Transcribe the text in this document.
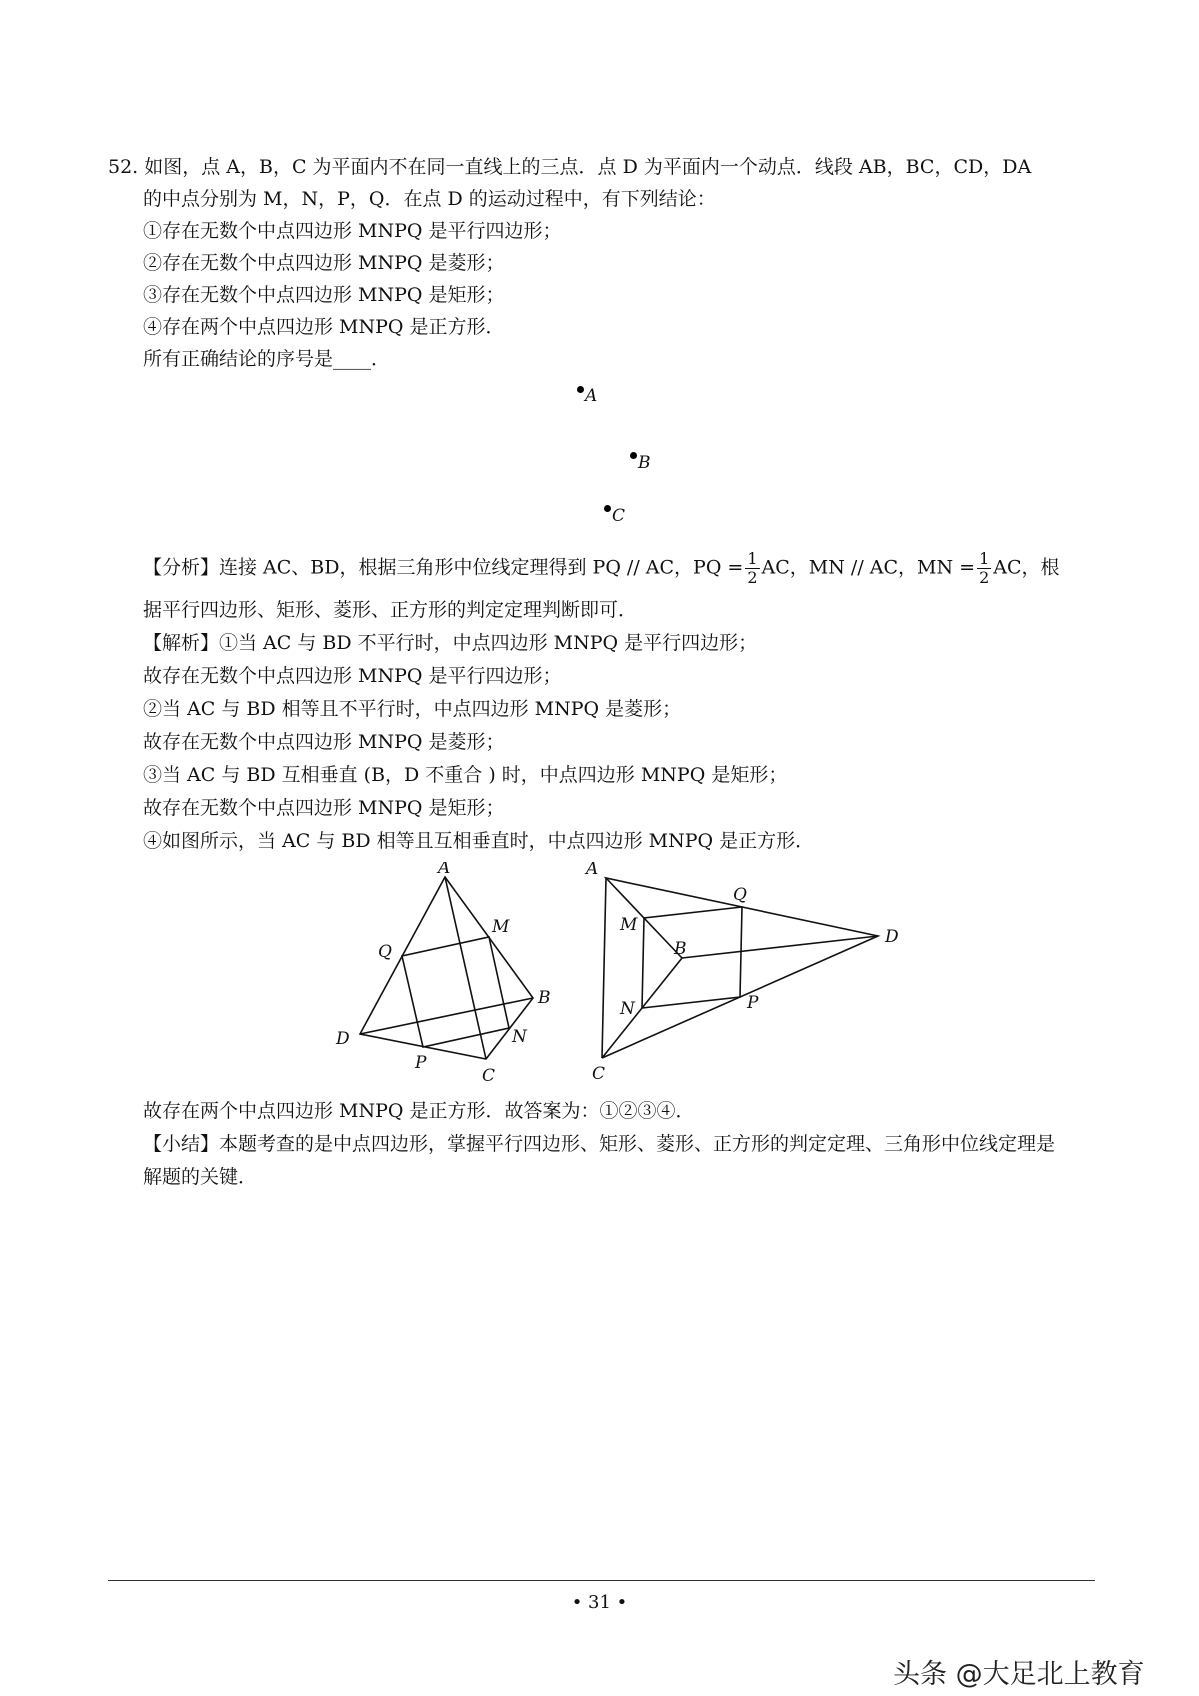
52. 如图，点 A，B，C 为平面内不在同一直线上的三点．点 D 为平面内一个动点．线段 AB，BC，CD，DA
的中点分别为 M，N，P，Q．在点 D 的运动过程中，有下列结论：
①存在无数个中点四边形 MNPQ 是平行四边形；
②存在无数个中点四边形 MNPQ 是菱形；
③存在无数个中点四边形 MNPQ 是矩形；
④存在两个中点四边形 MNPQ 是正方形．
所有正确结论的序号是____．
A
B
C
【分析】连接 AC、BD，根据三角形中位线定理得到 PQ // AC，PQ = $\frac{1}{2}$ AC，MN // AC，MN = $\frac{1}{2}$ AC，根
据平行四边形、矩形、菱形、正方形的判定定理判断即可．
【解析】①当 AC 与 BD 不平行时，中点四边形 MNPQ 是平行四边形；
故存在无数个中点四边形 MNPQ 是平行四边形；
②当 AC 与 BD 相等且不平行时，中点四边形 MNPQ 是菱形；
故存在无数个中点四边形 MNPQ 是菱形；
③当 AC 与 BD 互相垂直 (B，D 不重合 ) 时，中点四边形 MNPQ 是矩形；
故存在无数个中点四边形 MNPQ 是矩形；
④如图所示，当 AC 与 BD 相等且互相垂直时，中点四边形 MNPQ 是正方形．
A
M
Q
B
D	N
P
C
A
Q
M
D
B
P
N
C
故存在两个中点四边形 MNPQ 是正方形．故答案为：①②③④．
【小结】本题考查的是中点四边形，掌握平行四边形、矩形、菱形、正方形的判定定理、三角形中位线定理是
解题的关键．
• 31 •
头条 @大足北上教育
